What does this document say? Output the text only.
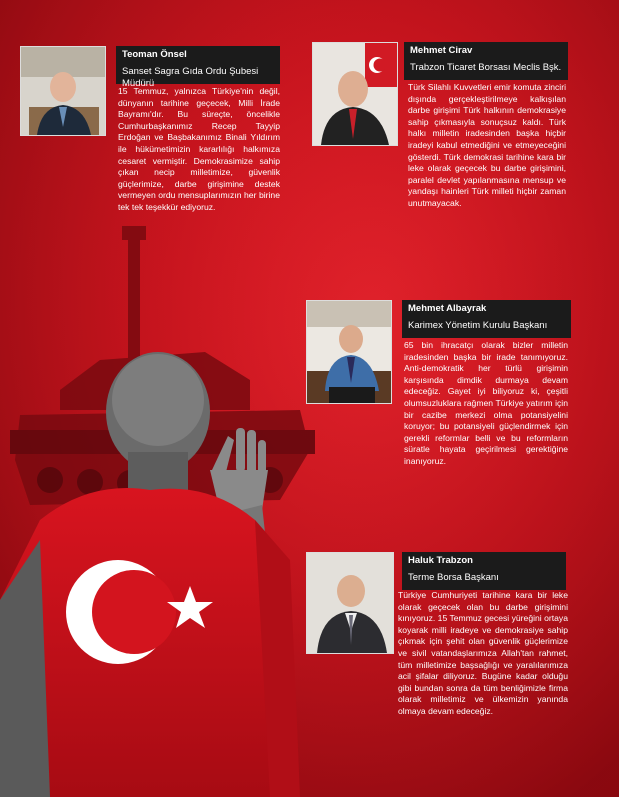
Teoman Önsel
Sanset Sagra Gıda Ordu Şubesi Müdürü
15 Temmuz, yalnızca Türkiye'nin değil, dünyanın tarihine geçecek, Milli İrade Bayramı'dır. Bu süreçte, öncelikle Cumhurbaşkanımız Recep Tayyip Erdoğan ve Başbakanımız Binali Yıldırım ile hükümetimizin kararlılığı halkımıza cesaret vermiştir. Demokrasimize sahip çıkan necip milletimize, güvenlik güçlerimize, darbe girişimine destek vermeyen ordu mensuplarımızın her birine tek tek teşekkür ediyoruz.
Mehmet Cirav
Trabzon Ticaret Borsası Meclis Bşk.
Türk Silahlı Kuvvetleri emir komuta zinciri dışında gerçekleştirilmeye kalkışılan darbe girişimi Türk halkının demokrasiye sahip çıkmasıyla sonuçsuz kaldı. Türk halkı milletin iradesinden başka hiçbir iradeyi kabul etmediğini ve etmeyeceğini gösterdi. Türk demokrasi tarihine kara bir leke olarak geçecek bu darbe girişimini, paralel devlet yapılanmasına mensup ve yandaşı hainleri Türk milleti hiçbir zaman unutmayacak.
Mehmet Albayrak
Karimex Yönetim Kurulu Başkanı
65 bin ihracatçı olarak bizler milletin iradesinden başka bir irade tanımıyoruz. Anti-demokratik her türlü girişimin karşısında dimdik durmaya devam edeceğiz. Gayet iyi biliyoruz ki, çeşitli olumsuzluklara rağmen Türkiye yatırım için bir cazibe merkezi olma potansiyelini koruyor; bu potansiyeli güçlendirmek için gerekli reformlar belli ve bu reformların süratle hayata geçirilmesi gerektiğine inanıyoruz.
Haluk Trabzon
Terme Borsa Başkanı
Türkiye Cumhuriyeti tarihine kara bir leke olarak geçecek olan bu darbe girişimini kınıyoruz. 15 Temmuz gecesi yüreğini ortaya koyarak milli iradeye ve demokrasiye sahip çıkmak için şehit olan güvenlik güçlerimize ve sivil vatandaşlarımıza Allah'tan rahmet, tüm milletimize başsağlığı ve yaralılarımıza acil şifalar diliyoruz. Bugüne kadar olduğu gibi bundan sonra da tüm benliğimizle firma olarak milletimiz ve ülkemizin yanında olmaya devam edeceğiz.
